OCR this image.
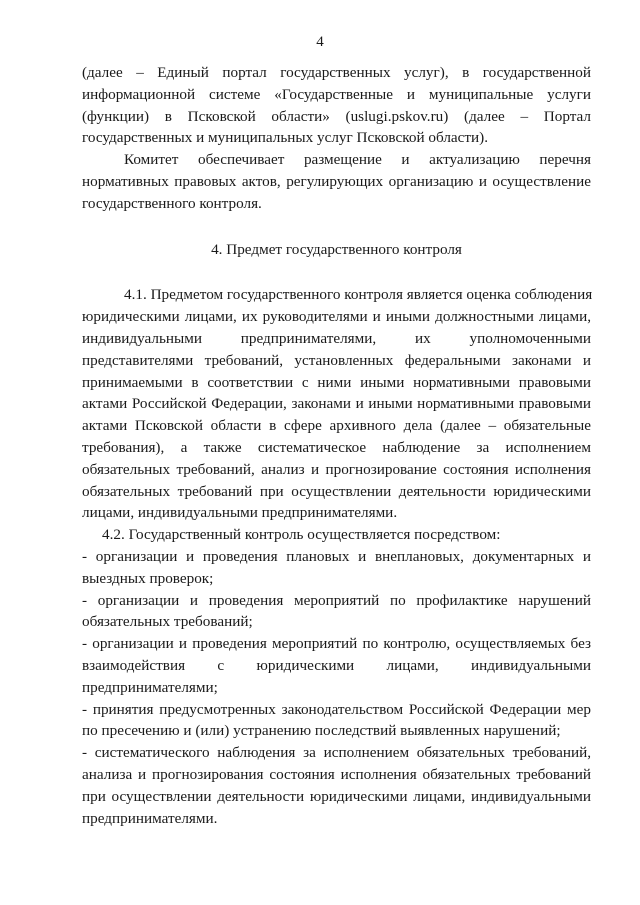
4
(далее – Единый портал государственных услуг), в государственной
информационной системе «Государственные и муниципальные услуги
(функции) в Псковской области» (uslugi.pskov.ru) (далее – Портал
государственных и муниципальных услуг Псковской области).
Комитет обеспечивает размещение и актуализацию перечня
нормативных правовых актов, регулирующих организацию и осуществление
государственного контроля.
4. Предмет государственного контроля
4.1. Предметом государственного контроля является оценка соблюдения
юридическими лицами, их руководителями и иными должностными лицами,
индивидуальными предпринимателями, их уполномоченными
представителями требований, установленных федеральными законами и
принимаемыми в соответствии с ними иными нормативными правовыми
актами Российской Федерации, законами и иными нормативными правовыми
актами Псковской области в сфере архивного дела (далее – обязательные
требования), а также систематическое наблюдение за исполнением
обязательных требований, анализ и прогнозирование состояния исполнения
обязательных требований при осуществлении деятельности юридическими
лицами, индивидуальными предпринимателями.
4.2. Государственный контроль осуществляется посредством:
- организации и проведения плановых и внеплановых, документарных и
выездных проверок;
- организации и проведения мероприятий по профилактике нарушений
обязательных требований;
- организации и проведения мероприятий по контролю, осуществляемых без
взаимодействия с юридическими лицами, индивидуальными
предпринимателями;
- принятия предусмотренных законодательством Российской Федерации мер
по пресечению и (или) устранению последствий выявленных нарушений;
- систематического наблюдения за исполнением обязательных требований,
анализа и прогнозирования состояния исполнения обязательных требований
при осуществлении деятельности юридическими лицами, индивидуальными
предпринимателями.
